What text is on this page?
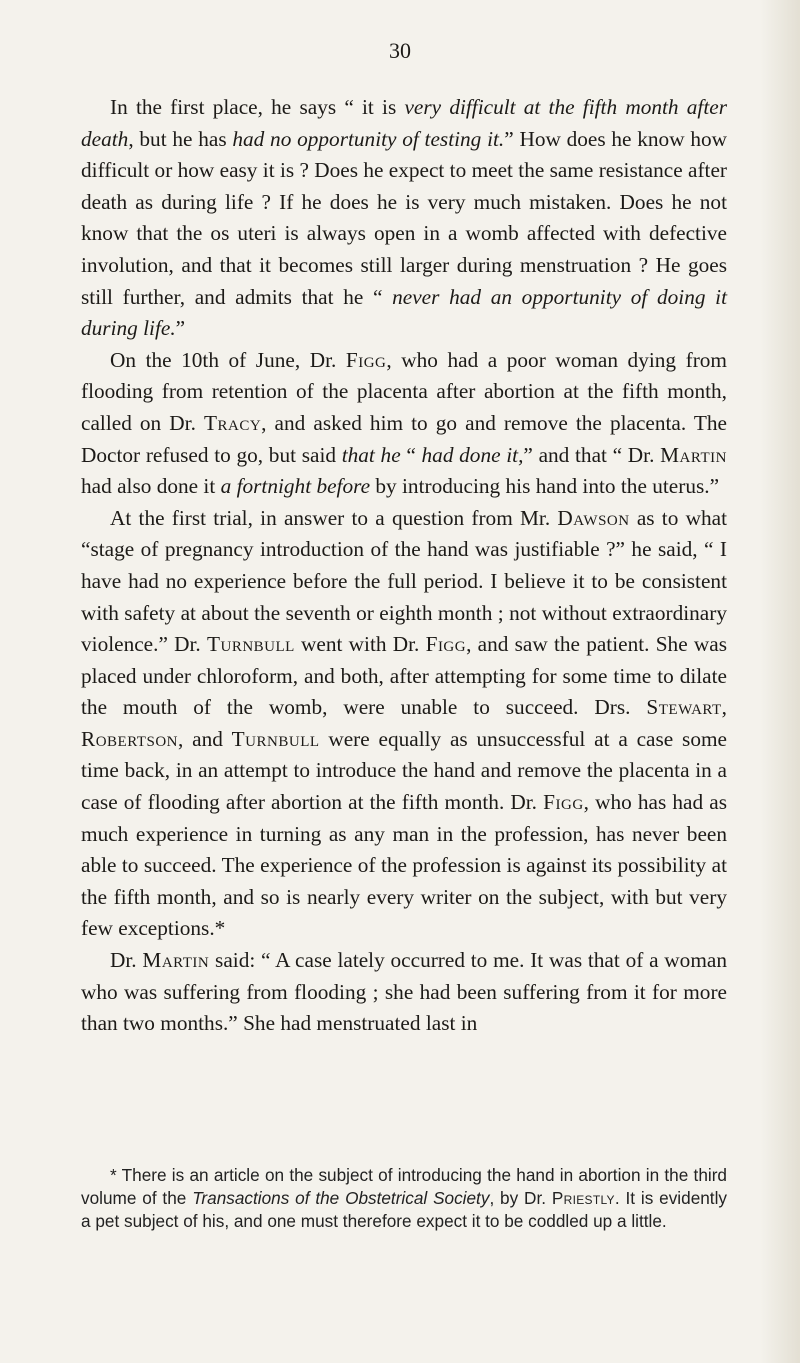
30

In the first place, he says “ it is very difficult at the fifth month after death, but he has had no opportunity of testing it.” How does he know how difficult or how easy it is ? Does he expect to meet the same resistance after death as during life ? If he does he is very much mistaken. Does he not know that the os uteri is always open in a womb affected with defective involution, and that it becomes still larger during menstruation ? He goes still further, and admits that he “ never had an opportunity of doing it during life.”

On the 10th of June, Dr. Figg, who had a poor woman dying from flooding from retention of the placenta after abortion at the fifth month, called on Dr. Tracy, and asked him to go and remove the placenta. The Doctor refused to go, but said that he “ had done it,” and that “ Dr. Martin had also done it a fortnight before by introducing his hand into the uterus.”

At the first trial, in answer to a question from Mr. Dawson as to what “stage of pregnancy introduction of the hand was justifiable ?” he said, “ I have had no experience before the full period. I believe it to be consistent with safety at about the seventh or eighth month ; not without extraordinary violence.” Dr. Turnbull went with Dr. Figg, and saw the patient. She was placed under chloroform, and both, after attempting for some time to dilate the mouth of the womb, were unable to succeed. Drs. Stewart, Robertson, and Turnbull were equally as unsuccessful at a case some time back, in an attempt to introduce the hand and remove the placenta in a case of flooding after abortion at the fifth month. Dr. Figg, who has had as much experience in turning as any man in the profession, has never been able to succeed. The experience of the profession is against its possibility at the fifth month, and so is nearly every writer on the subject, with but very few exceptions.*

Dr. Martin said: “ A case lately occurred to me. It was that of a woman who was suffering from flooding ; she had been suffering from it for more than two months.” She had menstruated last in

* There is an article on the subject of introducing the hand in abortion in the third volume of the Transactions of the Obstetrical Society, by Dr. Priestly. It is evidently a pet subject of his, and one must therefore expect it to be coddled up a little.
